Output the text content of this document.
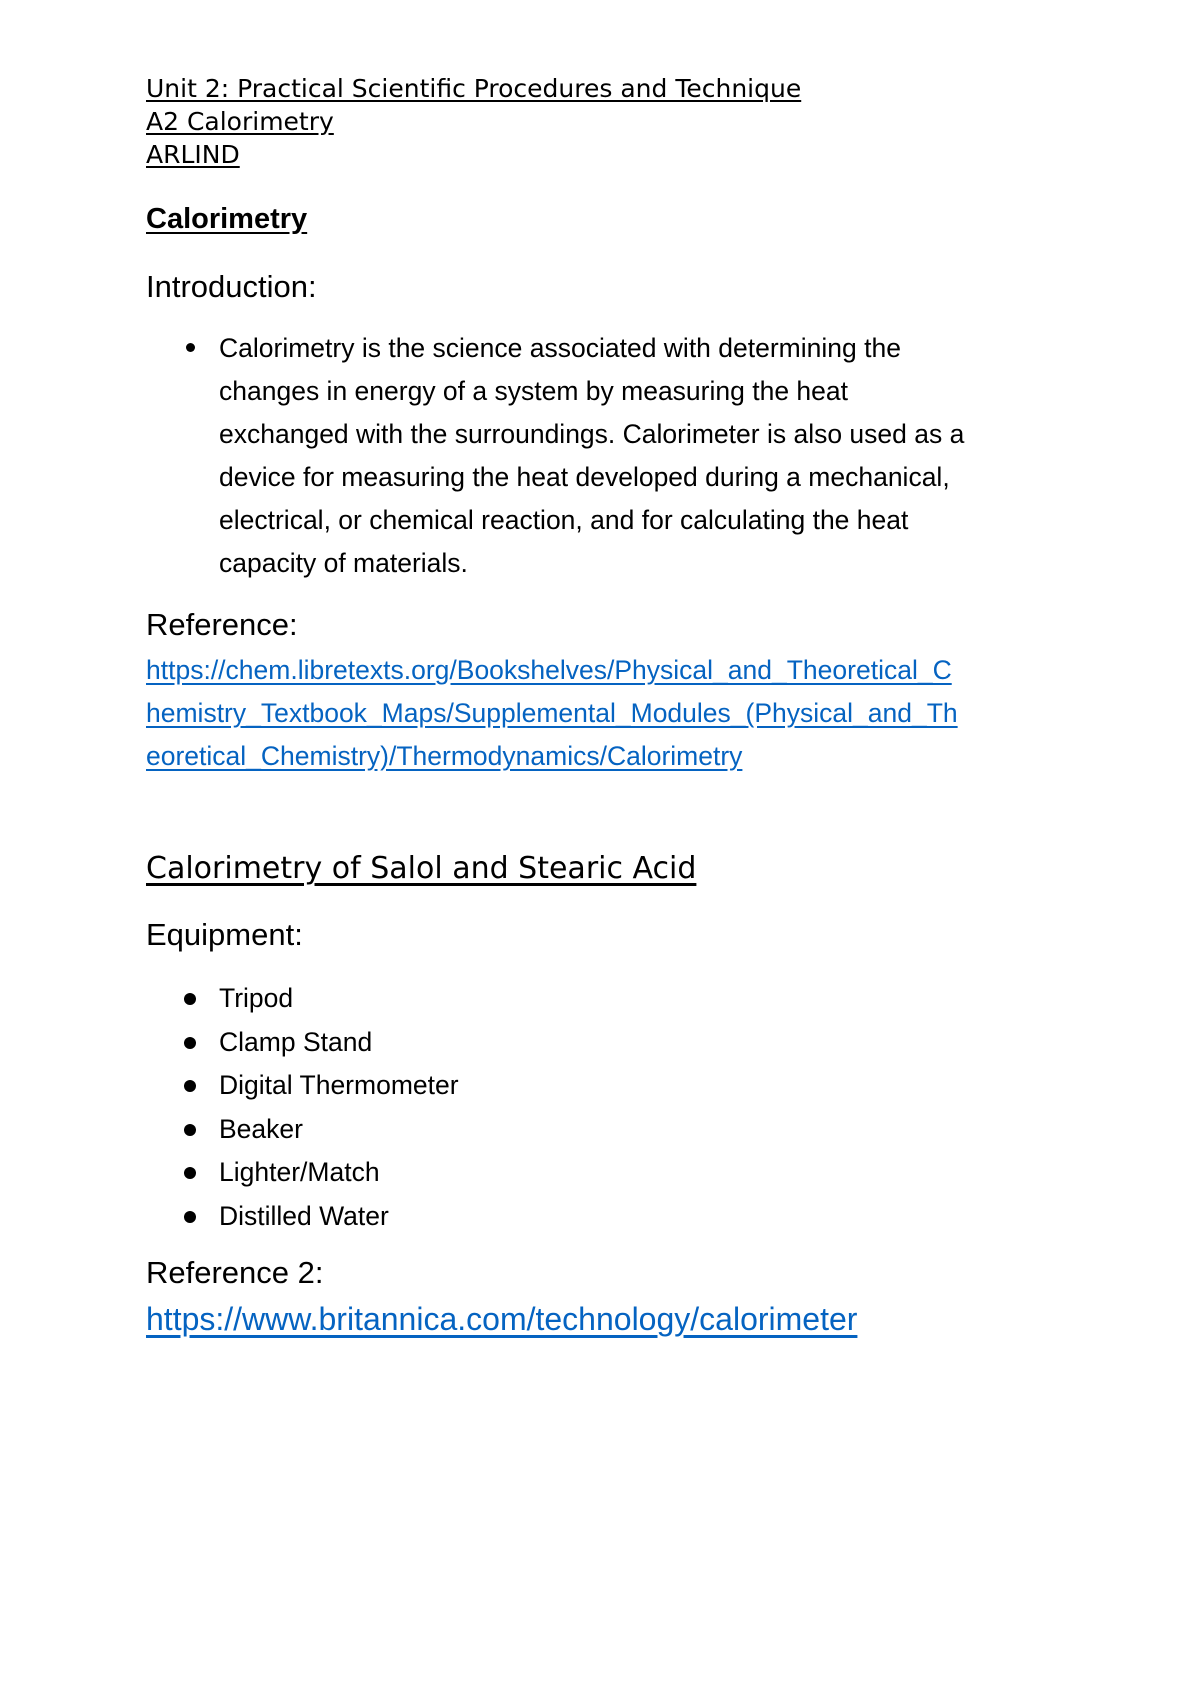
Unit 2: Practical Scientific Procedures and Technique
A2 Calorimetry
ARLIND
Calorimetry
Introduction:

Calorimetry is the science associated with determining the
changes in energy of a system by measuring the heat
exchanged with the surroundings. Calorimeter is also used as a
device for measuring the heat developed during a mechanical,
electrical, or chemical reaction, and for calculating the heat
capacity of materials.

Reference:
https://chem.libretexts.org/Bookshelves/Physical_and_Theoretical_C
hemistry_Textbook_Maps/Supplemental_Modules_(Physical_and_Th
eoretical_Chemistry)/Thermodynamics/Calorimetry
Calorimetry of Salol and Stearic Acid
Equipment:
Tripod
Clamp Stand
Digital Thermometer
Beaker
Lighter/Match
Distilled Water
Reference 2:
https://www.britannica.com/technology/calorimeter
